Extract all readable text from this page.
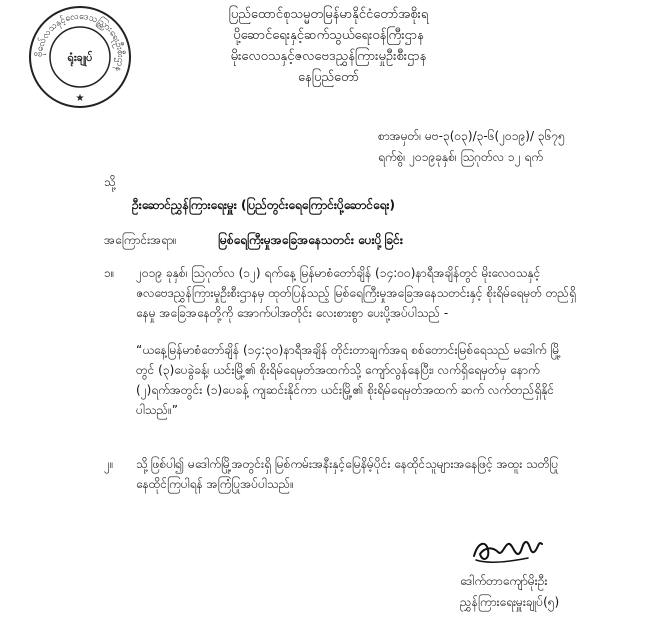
ဗိုလ်ေလသနှင့်လေဒေသည္ကြားရေးဦးစီးဌာန
ရုံးချုပ်
★
ပြည်ထောင်စုသမ္မတမြန်မာနိုင်ငံတော်အစိုးရ
ပို့ဆောင်ရေးနှင့်ဆက်သွယ်ရေးဝန်ကြီးဌာန
မိုးလေဝသနှင့်ဇလဗေဒညွှန်ကြားမှုဦးစီးဌာန
နေပြည်တော်
စာအမှတ်၊ မဗ-၃(၀၃)/၃-၆(၂၀၁၉)/ ၃၆၇၅
ရက်စွဲ၊ ၂၀၁၉ခုနှစ်၊ ဩဂုတ်လ ၁၂ ရက်
သို့
ဦးဆောင်ညွှန်ကြားရေးမှူး (ပြည်တွင်းရေကြောင်းပို့ဆောင်ရေး)
အကြောင်းအရာ။	မြစ်ရေကြီးမှုအခြေအနေသတင်း ပေးပို့ခြင်း
၁။ ၂၀၁၉ ခုနှစ်၊ ဩဂုတ်လ (၁၂) ရက်နေ့ မြန်မာစံတော်ချိန် (၁၄:၀၀)နာရီအချိန်တွင် မိုးလေဝသနှင့် ဇလဗေဒညွှန်ကြားမှုဦးစီးဌာနမှ ထုတ်ပြန်သည့် မြစ်ရေကြီးမှုအခြေအနေသတင်းနှင့် စိုးရိမ်ရေမှတ် တည်ရှိနေမှု အခြေအနေတို့ကို အောက်ပါအတိုင်း လေးစားစွာ ပေးပို့အပ်ပါသည် -
“ယနေ့မြန်မာစံတော်ချိန် (၁၄:၃၀)နာရီအချိန် တိုင်းတာချက်အရ စစ်တောင်းမြစ်ရေသည် မဒေါက် မြို့တွင် (၃)ပေခွဲခန့်၊ ယင်းမြို့၏ စိုးရိမ်ရေမှတ်အထက်သို့ ကျော်လွန်နေပြီး၊ လက်ရှိရေမှတ်မှ နောက် (၂)ရက်အတွင်း (၁)ပေခန့် ကျဆင်းနိုင်ကာ ယင်းမြို့၏ စိုးရိမ်ရေမှတ်အထက် ဆက် လက်တည်ရှိနိုင်ပါသည်။”
၂။ သို့ဖြစ်ပါ၍ မဒေါက်မြို့အတွင်းရှိ မြစ်ကမ်းအနီးနှင့်မြေနိမ့်ပိုင်း နေထိုင်သူများအနေဖြင့် အထူး သတိပြုနေထိုင်ကြပါရန် အကြံပြုအပ်ပါသည်။
ဒေါက်တာကျော်မိုးဦး
ညွှန်ကြားရေးမှူးချုပ်(၅)
